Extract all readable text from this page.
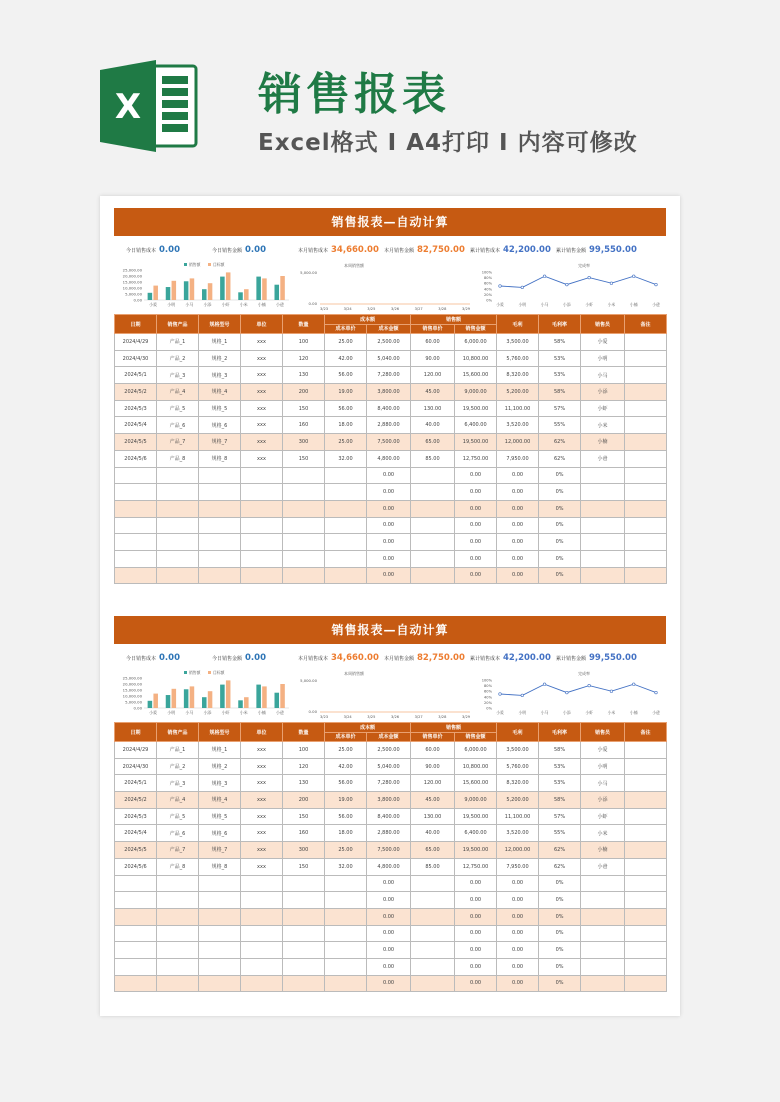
X	销售报表
Excel格式 I A4打印 I 内容可修改
销售报表—自动计算
今日销售成本 0.00	今日销售金额 0.00	本月销售成本 34,660.00 本月销售金额 82,750.00 累计销售成本 42,200.00 累计销售金额 99,550.00
25,000.00
20,000.00
15,000.00
10,000.00
5,000.00
0.00
销售额	目标额
小爱	小明	小马	小添	小虾	小米	小楠	小爸
本周销售额
5,000.00
0.00
3/23	3/24	3/25	3/26	3/27	3/28	3/29
完成率
100%
80%
60%
40%
20%
0%
小爱	小明	小马	小添	小虾	小米	小楠	小爸
日期	销售产品	规格型号	单位	数量	成本额		销售额		毛利	毛利率	销售员	备注
					成本单价	成本金额	销售单价	销售金额				
2024/4/29	产品_1	规格_1	xxx	100	25.00	2,500.00	60.00	6,000.00	3,500.00	58%	小爱	
2024/4/30	产品_2	规格_2	xxx	120	42.00	5,040.00	90.00	10,800.00	5,760.00	53%	小明	
2024/5/1	产品_3	规格_3	xxx	130	56.00	7,280.00	120.00	15,600.00	8,320.00	53%	小马	
2024/5/2	产品_4	规格_4	xxx	200	19.00	3,800.00	45.00	9,000.00	5,200.00	58%	小添	
2024/5/3	产品_5	规格_5	xxx	150	56.00	8,400.00	130.00	19,500.00	11,100.00	57%	小虾	
2024/5/4	产品_6	规格_6	xxx	160	18.00	2,880.00	40.00	6,400.00	3,520.00	55%	小米	
2024/5/5	产品_7	规格_7	xxx	300	25.00	7,500.00	65.00	19,500.00	12,000.00	62%	小楠	
2024/5/6	产品_8	规格_8	xxx	150	32.00	4,800.00	85.00	12,750.00	7,950.00	62%	小爸	
						0.00		0.00	0.00	0%		
						0.00		0.00	0.00	0%		
						0.00		0.00	0.00	0%		
						0.00		0.00	0.00	0%		
						0.00		0.00	0.00	0%		
						0.00		0.00	0.00	0%		
						0.00		0.00	0.00	0%		
销售报表—自动计算
今日销售成本 0.00	今日销售金额 0.00	本月销售成本 34,660.00 本月销售金额 82,750.00 累计销售成本 42,200.00 累计销售金额 99,550.00
25,000.00
20,000.00
15,000.00
10,000.00
5,000.00
0.00
销售额	目标额
小爱	小明	小马	小添	小虾	小米	小楠	小爸
本周销售额
5,000.00
0.00
3/23	3/24	3/25	3/26	3/27	3/28	3/29
完成率
100%
80%
60%
40%
20%
0%
小爱	小明	小马	小添	小虾	小米	小楠	小爸
日期	销售产品	规格型号	单位	数量	成本额		销售额		毛利	毛利率	销售员	备注
					成本单价	成本金额	销售单价	销售金额				
2024/4/29	产品_1	规格_1	xxx	100	25.00	2,500.00	60.00	6,000.00	3,500.00	58%	小爱	
2024/4/30	产品_2	规格_2	xxx	120	42.00	5,040.00	90.00	10,800.00	5,760.00	53%	小明	
2024/5/1	产品_3	规格_3	xxx	130	56.00	7,280.00	120.00	15,600.00	8,320.00	53%	小马	
2024/5/2	产品_4	规格_4	xxx	200	19.00	3,800.00	45.00	9,000.00	5,200.00	58%	小添	
2024/5/3	产品_5	规格_5	xxx	150	56.00	8,400.00	130.00	19,500.00	11,100.00	57%	小虾	
2024/5/4	产品_6	规格_6	xxx	160	18.00	2,880.00	40.00	6,400.00	3,520.00	55%	小米	
2024/5/5	产品_7	规格_7	xxx	300	25.00	7,500.00	65.00	19,500.00	12,000.00	62%	小楠	
2024/5/6	产品_8	规格_8	xxx	150	32.00	4,800.00	85.00	12,750.00	7,950.00	62%	小爸	
						0.00		0.00	0.00	0%		
						0.00		0.00	0.00	0%		
						0.00		0.00	0.00	0%		
						0.00		0.00	0.00	0%		
						0.00		0.00	0.00	0%		
						0.00		0.00	0.00	0%		
						0.00		0.00	0.00	0%		
